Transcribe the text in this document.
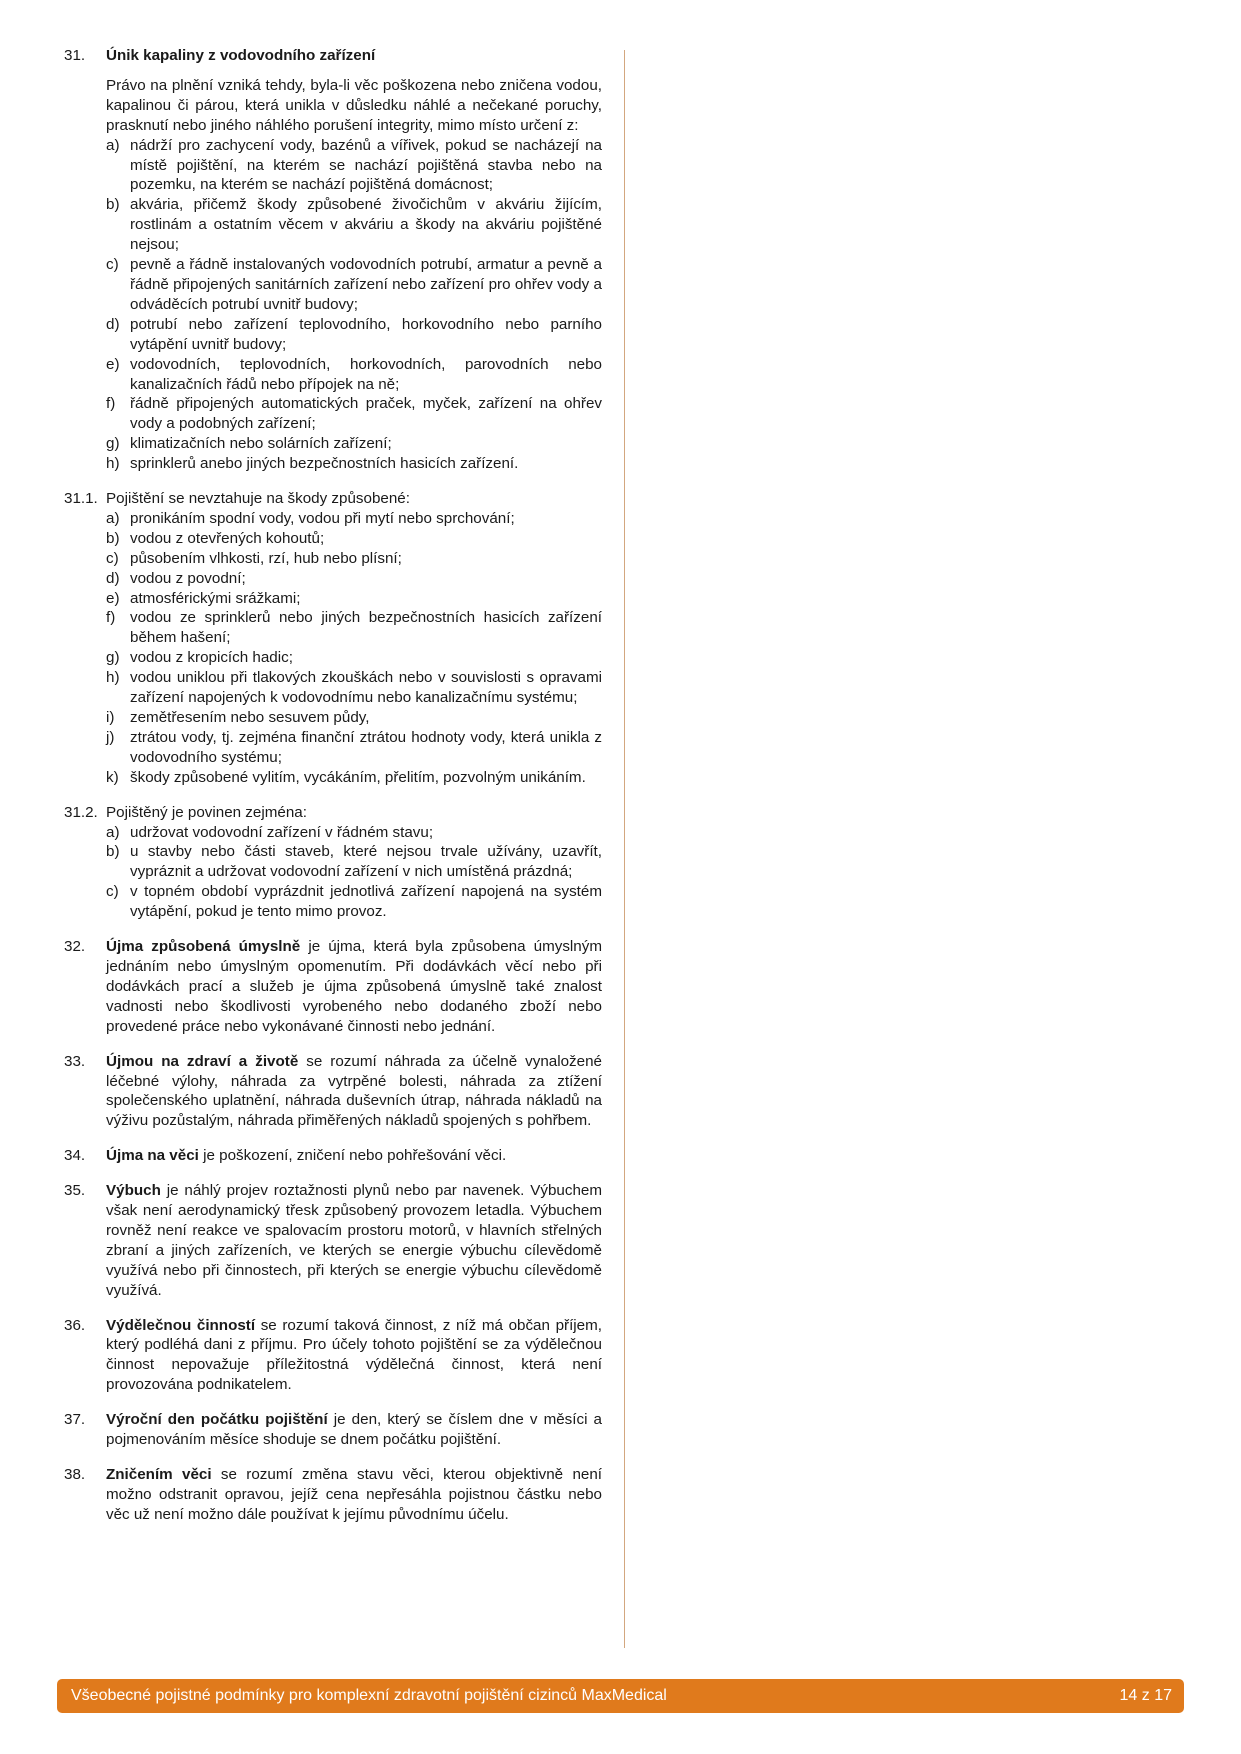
31.	Únik kapaliny z vodovodního zařízení
Právo na plnění vzniká tehdy, byla-li věc poškozena nebo zničena vodou, kapalinou či párou, která unikla v důsledku náhlé a nečekané poruchy, prasknutí nebo jiného náhlého porušení integrity, mimo místo určení z:
a) nádrží pro zachycení vody, bazénů a vířivek, pokud se nacházejí na místě pojištění, na kterém se nachází pojištěná stavba nebo na pozemku, na kterém se nachází pojištěná domácnost;
b) akvária, přičemž škody způsobené živočichům v akváriu žijícím, rostlinám a ostatním věcem v akváriu a škody na akváriu pojištěné nejsou;
c) pevně a řádně instalovaných vodovodních potrubí, armatur a pevně a řádně připojených sanitárních zařízení nebo zařízení pro ohřev vody a odváděcích potrubí uvnitř budovy;
d) potrubí nebo zařízení teplovodního, horkovodního nebo parního vytápění uvnitř budovy;
e) vodovodních, teplovodních, horkovodních, parovodních nebo kanalizačních řádů nebo přípojek na ně;
f) řádně připojených automatických praček, myček, zařízení na ohřev vody a podobných zařízení;
g) klimatizačních nebo solárních zařízení;
h) sprinklerů anebo jiných bezpečnostních hasicích zařízení.
31.1. Pojištění se nevztahuje na škody způsobené:
a) pronikáním spodní vody, vodou při mytí nebo sprchování;
b) vodou z otevřených kohoutů;
c) působením vlhkosti, rzí, hub nebo plísní;
d) vodou z povodní;
e) atmosférickými srážkami;
f) vodou ze sprinklerů nebo jiných bezpečnostních hasicích zařízení během hašení;
g) vodou z kropicích hadic;
h) vodou uniklou při tlakových zkouškách nebo v souvislosti s opravami zařízení napojených k vodovodnímu nebo kanalizačnímu systému;
i)	zemětřesením nebo sesuvem půdy,
j)	ztrátou vody, tj. zejména finanční ztrátou hodnoty vody, která unikla z vodovodního systému;
k) škody způsobené vylitím, vycákáním, přelitím, pozvolným unikáním.
31.2. Pojištěný je povinen zejména:
a) udržovat vodovodní zařízení v řádném stavu;
b) u stavby nebo části staveb, které nejsou trvale užívány, uzavřít, vypráznit a udržovat vodovodní zařízení v nich umístěná prázdná;
c) v topném období vyprázdnit jednotlivá zařízení napojená na systém vytápění, pokud je tento mimo provoz.
32.	Újma způsobená úmyslně je újma, která byla způsobena úmyslným jednáním nebo úmyslným opomenutím. Při dodávkách věcí nebo při dodávkách prací a služeb je újma způsobená úmyslně také znalost vadnosti nebo škodlivosti vyrobeného nebo dodaného zboží nebo provedené práce nebo vykonávané činnosti nebo jednání.
33.	Újmou na zdraví a životě se rozumí náhrada za účelně vynaložené léčebné výlohy, náhrada za vytrpěné bolesti, náhrada za ztížení společenského uplatnění, náhrada duševních útrap, náhrada nákladů na výživu pozůstalým, náhrada přiměřených nákladů spojených s pohřbem.
34.	Újma na věci je poškození, zničení nebo pohřešování věci.
35.	Výbuch je náhlý projev roztažnosti plynů nebo par navenek. Výbuchem však není aerodynamický třesk způsobený provozem letadla. Výbuchem rovněž není reakce ve spalovacím prostoru motorů, v hlavních střelných zbraní a jiných zařízeních, ve kterých se energie výbuchu cílevědomě využívá nebo při činnostech, při kterých se energie výbuchu cílevědomě využívá.
36.	Výdělečnou činností se rozumí taková činnost, z níž má občan příjem, který podléhá dani z příjmu. Pro účely tohoto pojištění se za výdělečnou činnost nepovažuje příležitostná výdělečná činnost, která není provozována podnikatelem.
37.	Výroční den počátku pojištění je den, který se číslem dne v měsíci a pojmenováním měsíce shoduje se dnem počátku pojištění.
38.	Zničením věci se rozumí změna stavu věci, kterou objektivně není možno odstranit opravou, jejíž cena nepřesáhla pojistnou částku nebo věc už není možno dále používat k jejímu původnímu účelu.
Všeobecné pojistné podmínky pro komplexní zdravotní pojištění cizinců MaxMedical	14 z 17
